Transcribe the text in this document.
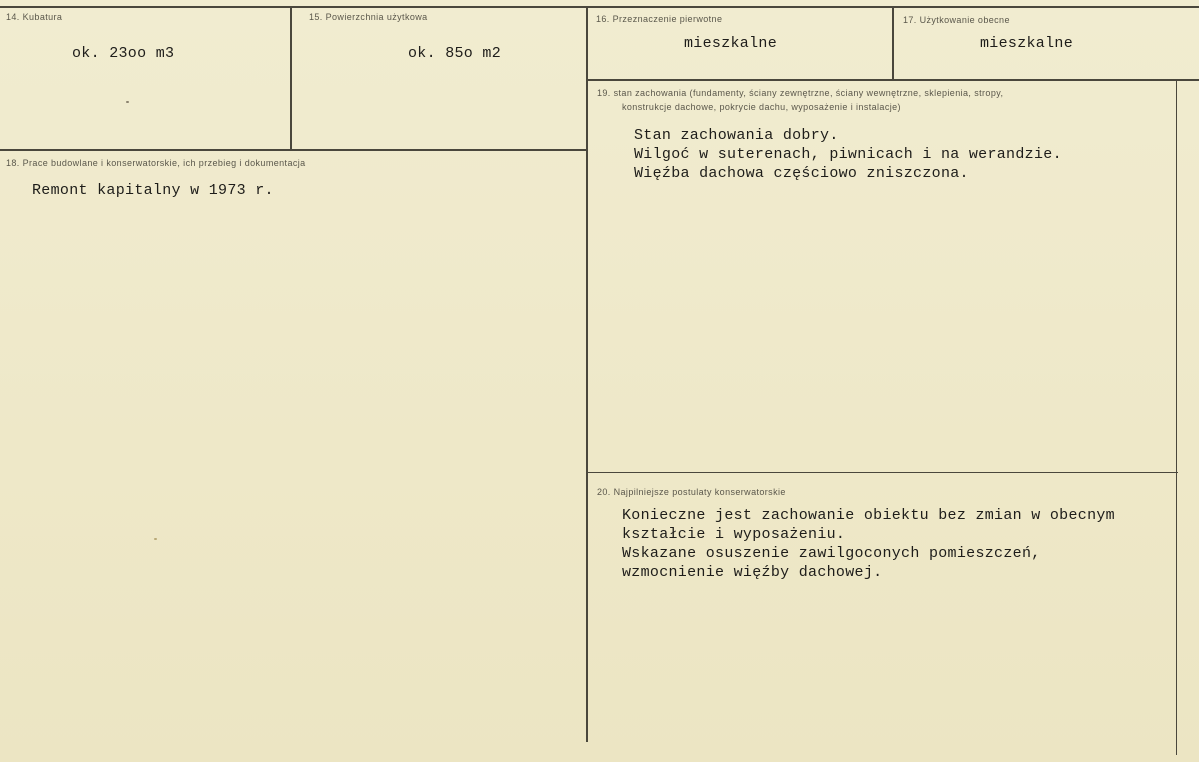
14. Kubatura
ok. 23oo m3
15. Powierzchnia użytkowa
ok. 85o m2
16. Przeznaczenie pierwotne
mieszkalne
17. Użytkowanie obecne
mieszkalne
18. Prace budowlane i konserwatorskie, ich przebieg i dokumentacja
Remont kapitalny w 1973 r.
19. stan zachowania (fundamenty, ściany zewnętrzne, ściany wewnętrzne, sklepienia, stropy,
konstrukcje dachowe, pokrycie dachu, wyposażenie i instalacje)
Stan zachowania dobry.
Wilgoć w suterenach, piwnicach i na werandzie.
Więźba dachowa częściowo zniszczona.
20. Najpilniejsze postulaty konserwatorskie
Konieczne jest zachowanie obiektu bez zmian w obecnym
kształcie i wyposażeniu.
Wskazane osuszenie zawilgoconych pomieszczeń,
wzmocnienie więźby dachowej.
